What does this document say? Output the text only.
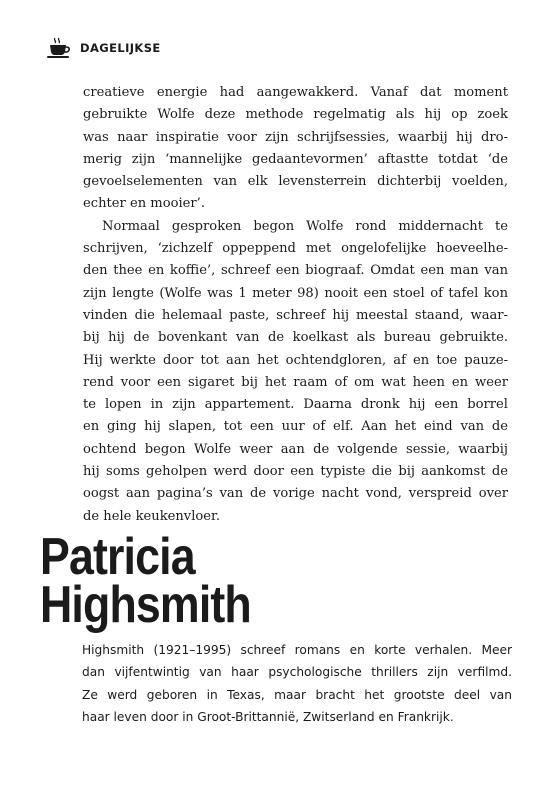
DAGELIJKSE

creatieve energie had aangewakkerd. Vanaf dat moment
gebruikte Wolfe deze methode regelmatig als hij op zoek
was naar inspiratie voor zijn schrijfsessies, waarbij hij dro-
merig zijn ‘mannelijke gedaantevormen’ aftastte totdat ‘de
gevoelselementen van elk levensterrein dichterbij voelden,
echter en mooier’.

Normaal gesproken begon Wolfe rond middernacht te
schrijven, ‘zichzelf oppeppend met ongelofelijke hoeveelhe-
den thee en koffie’, schreef een biograaf. Omdat een man van
zijn lengte (Wolfe was 1 meter 98) nooit een stoel of tafel kon
vinden die helemaal paste, schreef hij meestal staand, waar-
bij hij de bovenkant van de koelkast als bureau gebruikte.
Hij werkte door tot aan het ochtendgloren, af en toe pauze-
rend voor een sigaret bij het raam of om wat heen en weer
te lopen in zijn appartement. Daarna dronk hij een borrel
en ging hij slapen, tot een uur of elf. Aan het eind van de
ochtend begon Wolfe weer aan de volgende sessie, waarbij
hij soms geholpen werd door een typiste die bij aankomst de
oogst aan pagina’s van de vorige nacht vond, verspreid over
de hele keukenvloer.

Patricia
Highsmith
Highsmith (1921–1995) schreef romans en korte verhalen. Meer
dan vijfentwintig van haar psychologische thrillers zijn verfilmd.
Ze werd geboren in Texas, maar bracht het grootste deel van
haar leven door in Groot-Brittannië, Zwitserland en Frankrijk.
